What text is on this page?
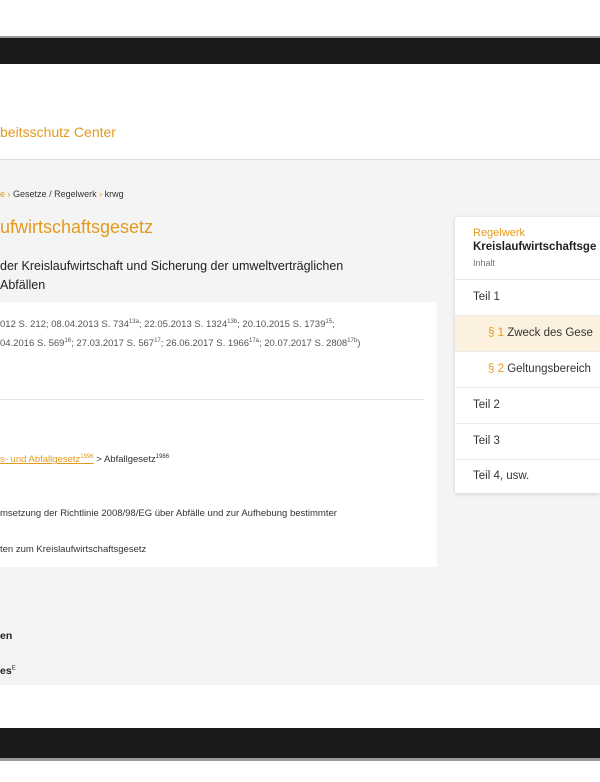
beitsschutz Center
e › Gesetze / Regelwerk › krwg
ufwirtschaftsgesetz
der Kreislaufwirtschaft und Sicherung der umweltverträglichen
Abfällen
012 S. 212; 08.04.2013 S. $734^{13a}$; 22.05.2013 S. $1324^{13b}$; 20.10.2015 S. 1739$^{15}$;
04.2016 S. $569^{16}$; 27.03.2017 S. $567^{17}$; 26.06.2017 S. $1966^{17a}$; 20.07.2017 S. $2808^{17b}$)
s- und Abfallgesetz$^{1996}$ > Abfallgesetz$^{1986}$
msetzung der Richtlinie 2008/98/EG über Abfälle und zur Aufhebung bestimmter
ten zum Kreislaufwirtschaftsgesetz
en
$es^E$
Regelwerk
Kreislaufwirtschaftsge
Inhalt
Teil 1
§ 1 Zweck des Gese
§ 2 Geltungsbereich
Teil 2
Teil 3
Teil 4, usw.
